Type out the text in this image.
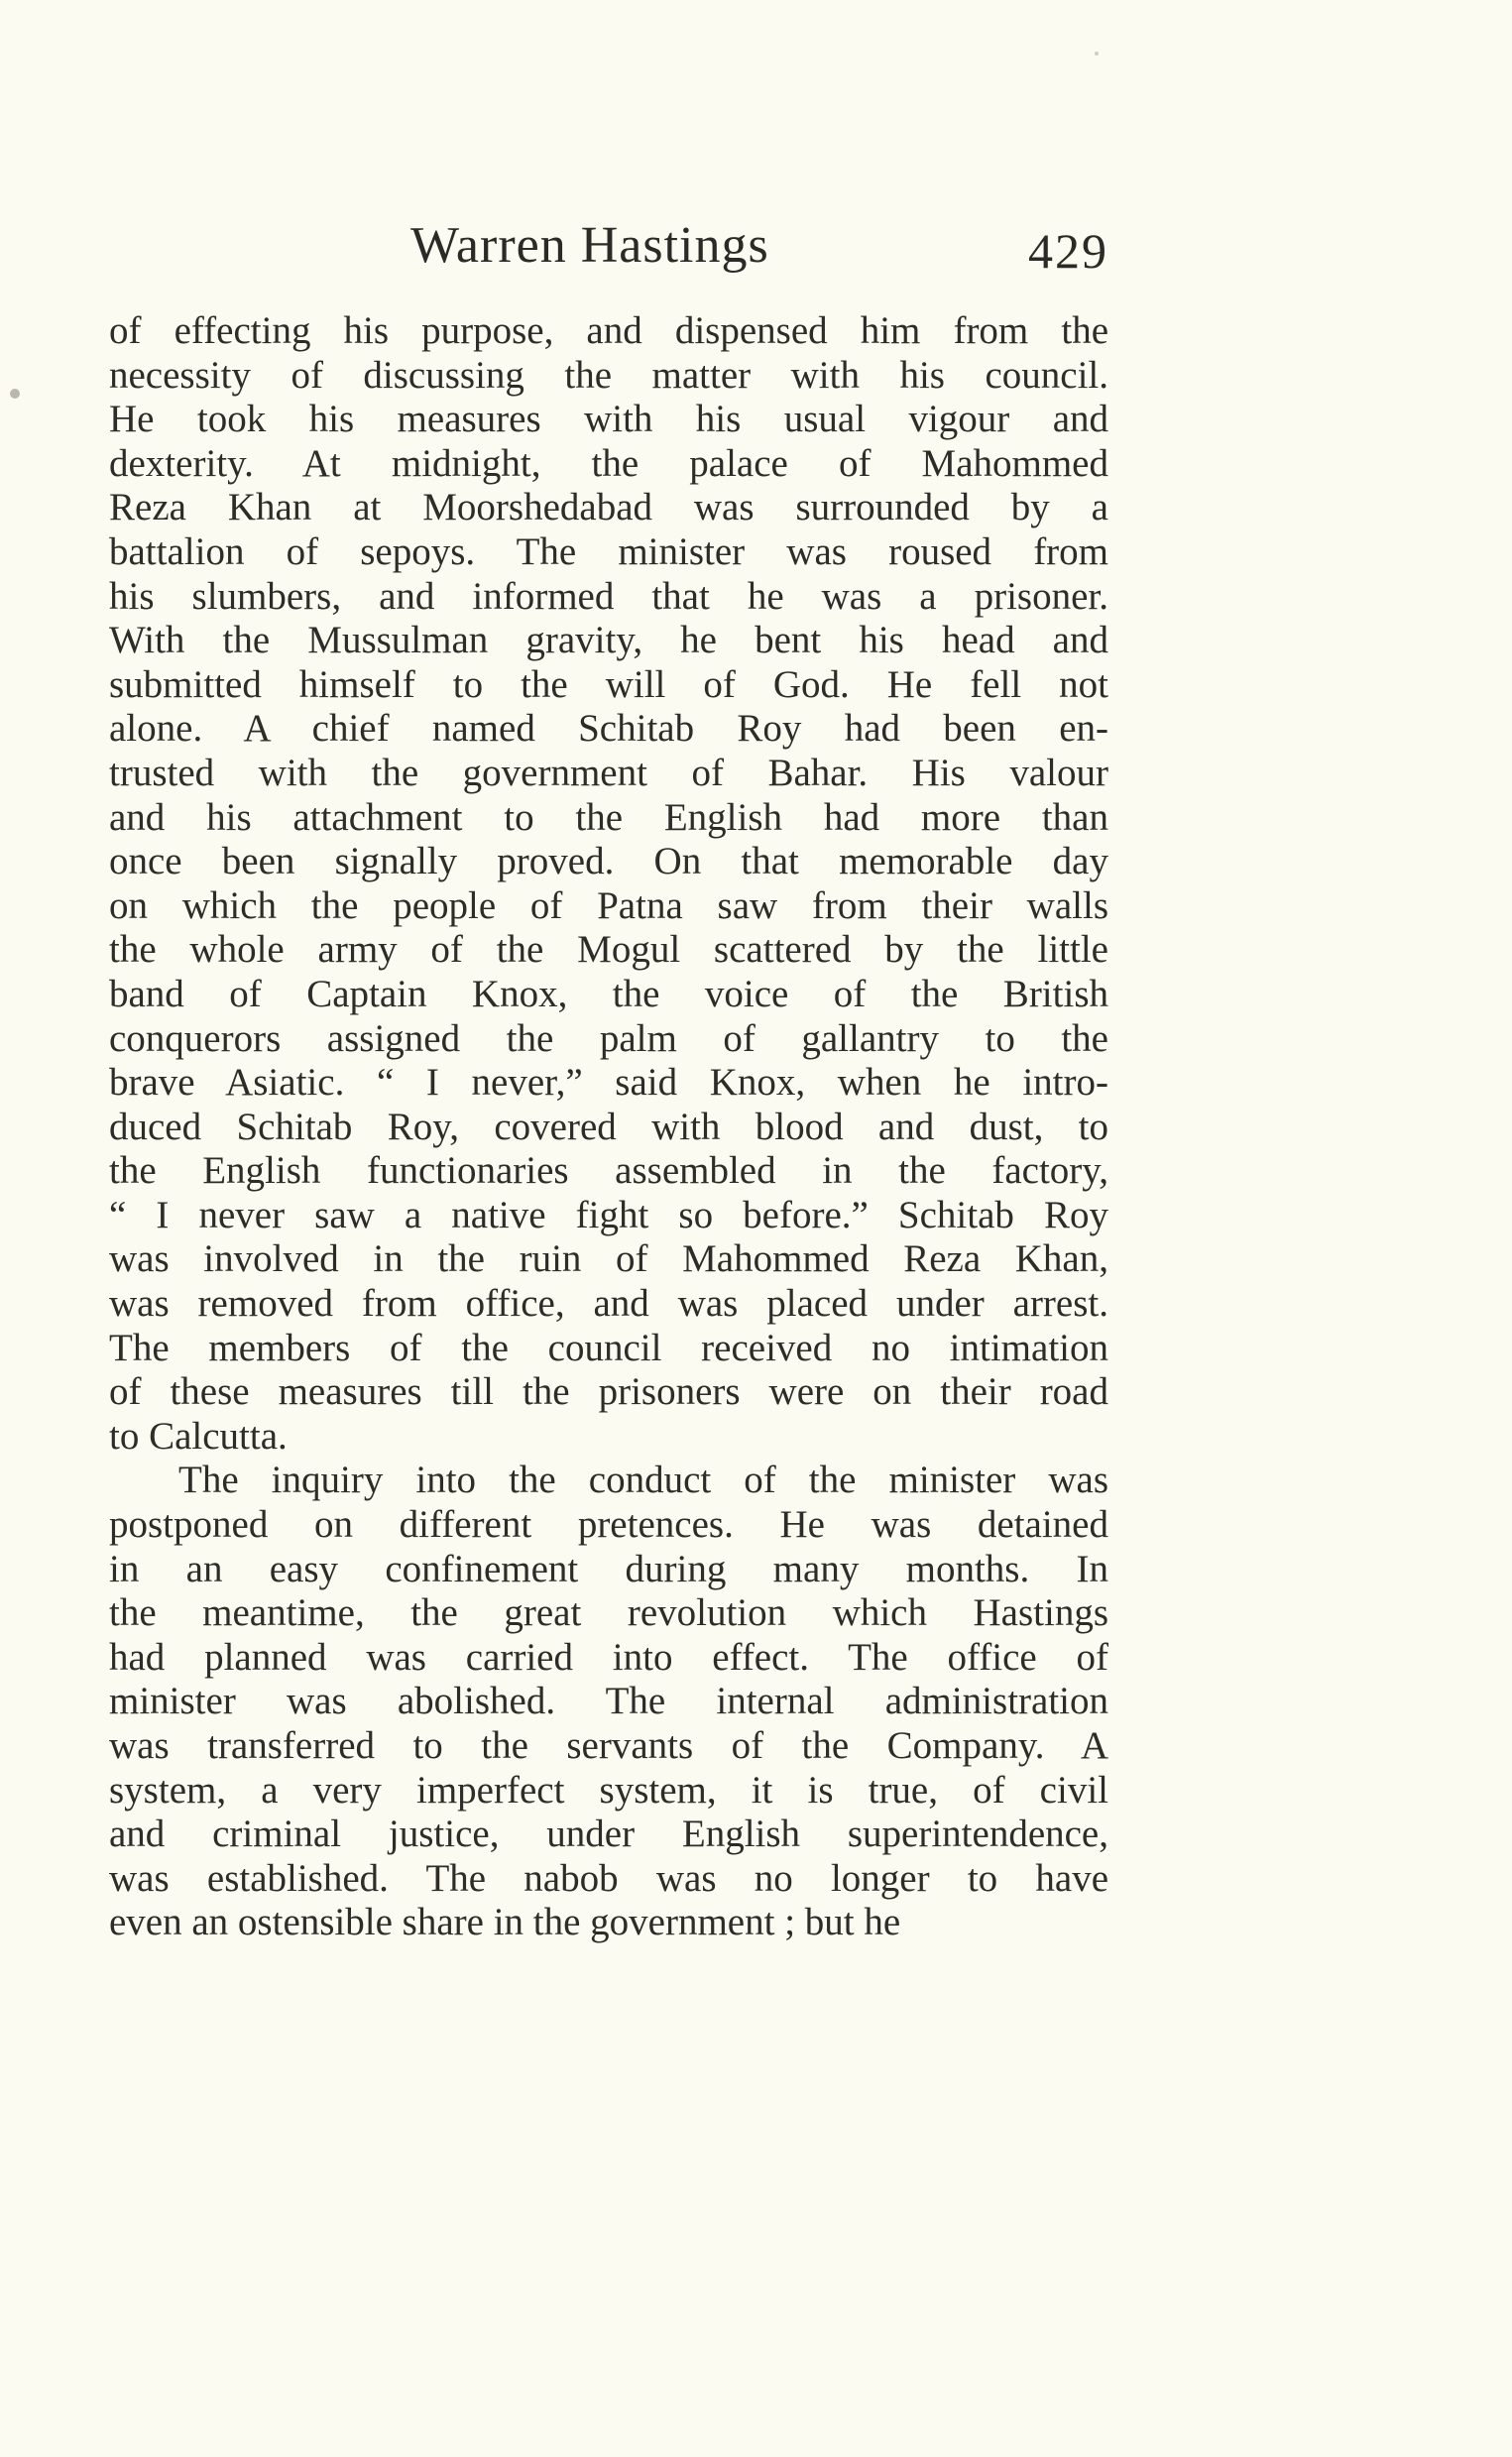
Warren Hastings	429
of effecting his purpose, and dispensed him from the
necessity of discussing the matter with his council.
He took his measures with his usual vigour and
dexterity. At midnight, the palace of Mahommed
Reza Khan at Moorshedabad was surrounded by a
battalion of sepoys. The minister was roused from
his slumbers, and informed that he was a prisoner.
With the Mussulman gravity, he bent his head and
submitted himself to the will of God. He fell not
alone. A chief named Schitab Roy had been en-
trusted with the government of Bahar. His valour
and his attachment to the English had more than
once been signally proved. On that memorable day
on which the people of Patna saw from their walls
the whole army of the Mogul scattered by the little
band of Captain Knox, the voice of the British
conquerors assigned the palm of gallantry to the
brave Asiatic. “ I never,” said Knox, when he intro-
duced Schitab Roy, covered with blood and dust, to
the English functionaries assembled in the factory,
“ I never saw a native fight so before.” Schitab Roy
was involved in the ruin of Mahommed Reza Khan,
was removed from office, and was placed under arrest.
The members of the council received no intimation
of these measures till the prisoners were on their road
to Calcutta.
The inquiry into the conduct of the minister was
postponed on different pretences. He was detained
in an easy confinement during many months. In
the meantime, the great revolution which Hastings
had planned was carried into effect. The office of
minister was abolished. The internal administration
was transferred to the servants of the Company. A
system, a very imperfect system, it is true, of civil
and criminal justice, under English superintendence,
was established. The nabob was no longer to have
even an ostensible share in the government ; but he
